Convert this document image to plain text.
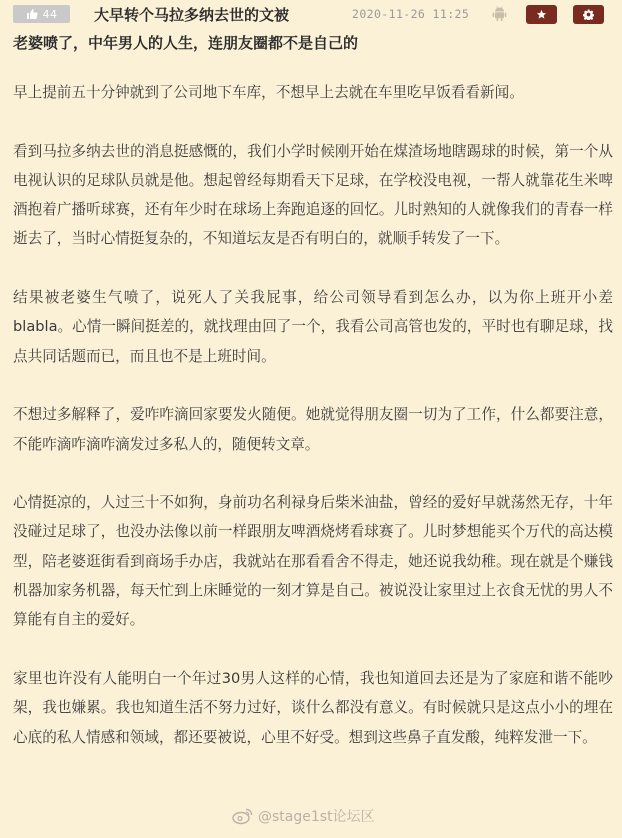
44 大早转个马拉多纳去世的文被	2020-11-26 11:25
老婆喷了，中年男人的人生，连朋友圈都不是自己的

早上提前五十分钟就到了公司地下车库，不想早上去就在车里吃早饭看看新闻。

看到马拉多纳去世的消息挺感慨的，我们小学时候刚开始在煤渣场地瞎踢球的时候，第一个从电视认识的足球队员就是他。想起曾经每期看天下足球，在学校没电视，一帮人就靠花生米啤酒抱着广播听球赛，还有年少时在球场上奔跑追逐的回忆。儿时熟知的人就像我们的青春一样逝去了，当时心情挺复杂的，不知道坛友是否有明白的，就顺手转发了一下。

结果被老婆生气喷了，说死人了关我屁事，给公司领导看到怎么办，以为你上班开小差blabla。心情一瞬间挺差的，就找理由回了一个，我看公司高管也发的，平时也有聊足球，找点共同话题而已，而且也不是上班时间。

不想过多解释了，爱咋咋滴回家要发火随便。她就觉得朋友圈一切为了工作，什么都要注意，不能咋滴咋滴咋滴发过多私人的，随便转文章。

心情挺凉的，人过三十不如狗，身前功名利禄身后柴米油盐，曾经的爱好早就荡然无存，十年没碰过足球了，也没办法像以前一样跟朋友啤酒烧烤看球赛了。儿时梦想能买个万代的高达模型，陪老婆逛街看到商场手办店，我就站在那看看舍不得走，她还说我幼稚。现在就是个赚钱机器加家务机器，每天忙到上床睡觉的一刻才算是自己。被说没让家里过上衣食无忧的男人不算能有自主的爱好。

家里也许没有人能明白一个年过30男人这样的心情，我也知道回去还是为了家庭和谐不能吵架，我也嫌累。我也知道生活不努力过好，谈什么都没有意义。有时候就只是这点小小的埋在心底的私人情感和领域，都还要被说，心里不好受。想到这些鼻子直发酸，纯粹发泄一下。

@stage1st论坛区
